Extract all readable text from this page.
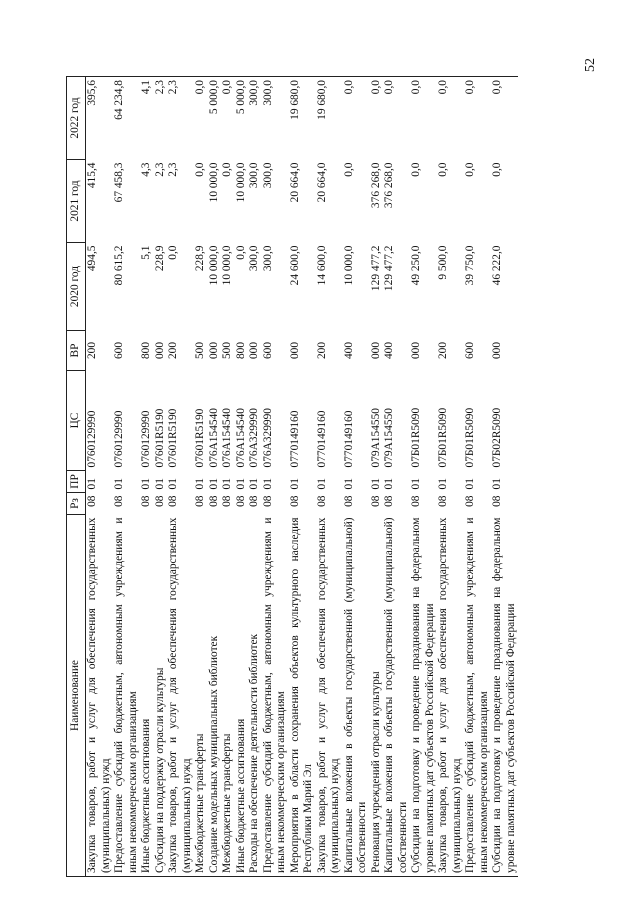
52
Наименование	Рз	ПР	ЦС	ВР	2020 год	2021 год	2022 год
Закупка товаров, работ и услуг для обеспечения государственных (муниципальных) нужд	08	01	0760129990	200	494,5	415,4	395,6
Предоставление субсидий бюджетным, автономным учреждениям и иным некоммерческим организациям	08	01	0760129990	600	80 615,2	67 458,3	64 234,8
Иные бюджетные ассигнования	08	01	0760129990	800	5,1	4,3	4,1
Субсидия на поддержку отрасли культуры	08	01	07601R5190	000	228,9	2,3	2,3
Закупка товаров, работ и услуг для обеспечения государственных (муниципальных) нужд	08	01	07601R5190	200	0,0	2,3	2,3
Межбюджетные трансферты	08	01	07601R5190	500	228,9	0,0	0,0
Создание модельных муниципальных библиотек	08	01	076A154540	000	10 000,0	10 000,0	5 000,0
Межбюджетные трансферты	08	01	076A154540	500	10 000,0	0,0	0,0
Иные бюджетные ассигнования	08	01	076A154540	800	0,0	10 000,0	5 000,0
Расходы на обеспечение деятельности библиотек	08	01	076A329990	000	300,0	300,0	300,0
Предоставление субсидий бюджетным, автономным учреждениям и иным некоммерческим организациям	08	01	076A329990	600	300,0	300,0	300,0
Мероприятия в области сохранения объектов культурного наследия Республики Марий Эл	08	01	0770149160	000	24 600,0	20 664,0	19 680,0
Закупка товаров, работ и услуг для обеспечения государственных (муниципальных) нужд	08	01	0770149160	200	14 600,0	20 664,0	19 680,0
Капитальные вложения в объекты государственной (муниципальной) собственности	08	01	0770149160	400	10 000,0	0,0	0,0
Реновация учреждений отрасли культуры	08	01	079A154550	000	129 477,2	376 268,0	0,0
Капитальные вложения в объекты государственной (муниципальной) собственности	08	01	079A154550	400	129 477,2	376 268,0	0,0
Субсидии на подготовку и проведение празднования на федеральном уровне памятных дат субъектов Российской Федерации	08	01	07Б01R5090	000	49 250,0	0,0	0,0
Закупка товаров, работ и услуг для обеспечения государственных (муниципальных) нужд	08	01	07Б01R5090	200	9 500,0	0,0	0,0
Предоставление субсидий бюджетным, автономным учреждениям и иным некоммерческим организациям	08	01	07Б01R5090	600	39 750,0	0,0	0,0
Субсидии на подготовку и проведение празднования на федеральном уровне памятных дат субъектов Российской Федерации	08	01	07Б02R5090	000	46 222,0	0,0	0,0
